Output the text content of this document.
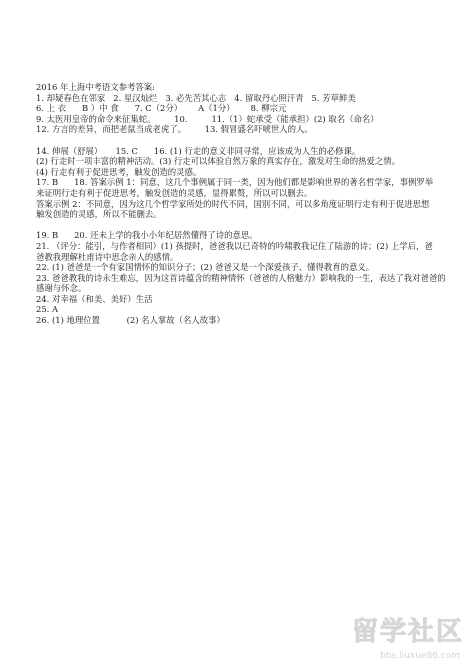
2016 年上海中考语文参考答案:
1. 却疑春色在邻家   2. 星汉灿烂   3. 必先苦其心志   4. 留取丹心照汗青   5. 芳草鲜美
6. 上 衣      B ）中 食      7. C（2分）      A（1分）      8. 柳宗元
9. 太医用皇帝的命令来征集蛇。       10.         11.（1）蛇承受（能承担）(2) 取名（命名）
12. 方言的差异，而把老鼠当成老虎了。       13. 假冒盛名吓唬世人的人。
14. 伸展（舒展）     15. C      16. (1) 行走的意义非同寻常，应该成为人生的必修课。
(2) 行走时一项丰富的精神活动。(3) 行走可以体验自然万象的真实存在，激发对生命的热爱之情。
(4) 行走有利于促进思考，触发创造的灵感。
17. B      18. 答案示例 1：同意，这几个事例属于同一类，因为他们都是影响世界的著名哲学家，事例罗举
来证明行走有利于促进思考，触发创造的灵感，显得累赘，所以可以删去。
答案示例 2：不同意，因为这几个哲学家所处的时代不同，国别不同，可以多角度证明行走有利于促进思想
触发创造的灵感，所以不能删去。
19. B      20. 还未上学的我小小年纪居然懂得了诗的意思。
21. （评分：能引，与作者相同）(1) 孩提时，爸爸我以已奇特的吟啸教我记住了陆游的诗；(2) 上学后，爸
爸教我理解杜甫诗中思念亲人的感情。
22. (1) 爸爸是一个有家国情怀的知识分子；(2) 爸爸又是一个深爱孩子、懂得教育的意义。
23. 爸爸教我的诗永生难忘，因为这首诗蕴含的精神情怀（爸爸的人格魅力）影响我的一生，表达了我对爸爸的
感谢与怀念。
24. 对幸福（和美、美好）生活
25. A
26. (1) 地理位置          (2) 名人掌故（名人故事）
留学社区
bbs.liuxue86.com
